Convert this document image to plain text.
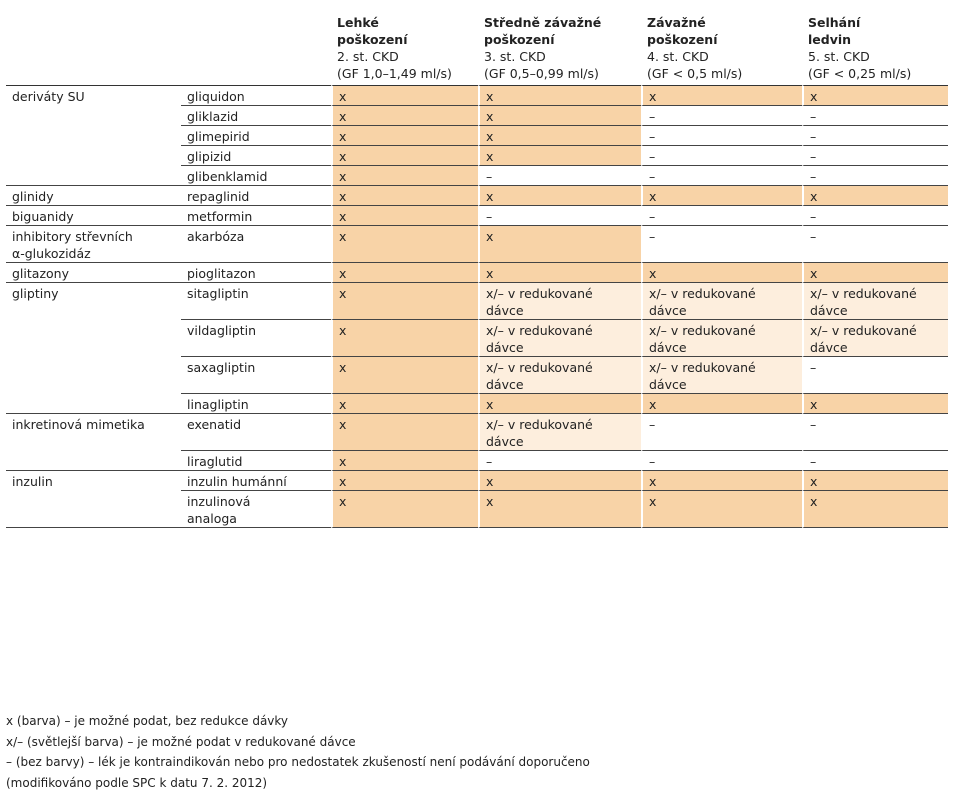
		Lehké
poškození
2. st. CKD
(GF 1,0–1,49 ml/s)	Středně závažné
poškození
3. st. CKD
(GF 0,5–0,99 ml/s)	Závažné
poškození
4. st. CKD
(GF < 0,5 ml/s)	Selhání
ledvin
5. st. CKD
(GF < 0,25 ml/s)

deriváty SU	gliquidon	x	x	x	x
	gliklazid	x	x	–	–
	glimepirid	x	x	–	–
	glipizid	x	x	–	–
	glibenklamid	x	–	–	–
glinidy	repaglinid	x	x	x	x
biguanidy	metformin	x	–	–	–
inhibitory střevních
α-glukozidáz	akarbóza	x	x	–	–
glitazony	pioglitazon	x	x	x	x
gliptiny	sitagliptin	x	x/– v redukované
dávce	x/– v redukované
dávce	x/– v redukované
dávce
	vildagliptin	x	x/– v redukované
dávce	x/– v redukované
dávce	x/– v redukované
dávce
	saxagliptin	x	x/– v redukované
dávce	x/– v redukované
dávce	–
	linagliptin	x	x	x	x
inkretinová mimetika	exenatid	x	x/– v redukované
dávce	–	–
	liraglutid	x	–	–	–
inzulin	inzulin humánní	x	x	x	x
	inzulinová
analoga	x	x	x	x
x (barva) – je možné podat, bez redukce dávky
x/– (světlejší barva) – je možné podat v redukované dávce
– (bez barvy) – lék je kontraindikován nebo pro nedostatek zkušeností není podávání doporučeno
(modifikováno podle SPC k datu 7. 2. 2012)
